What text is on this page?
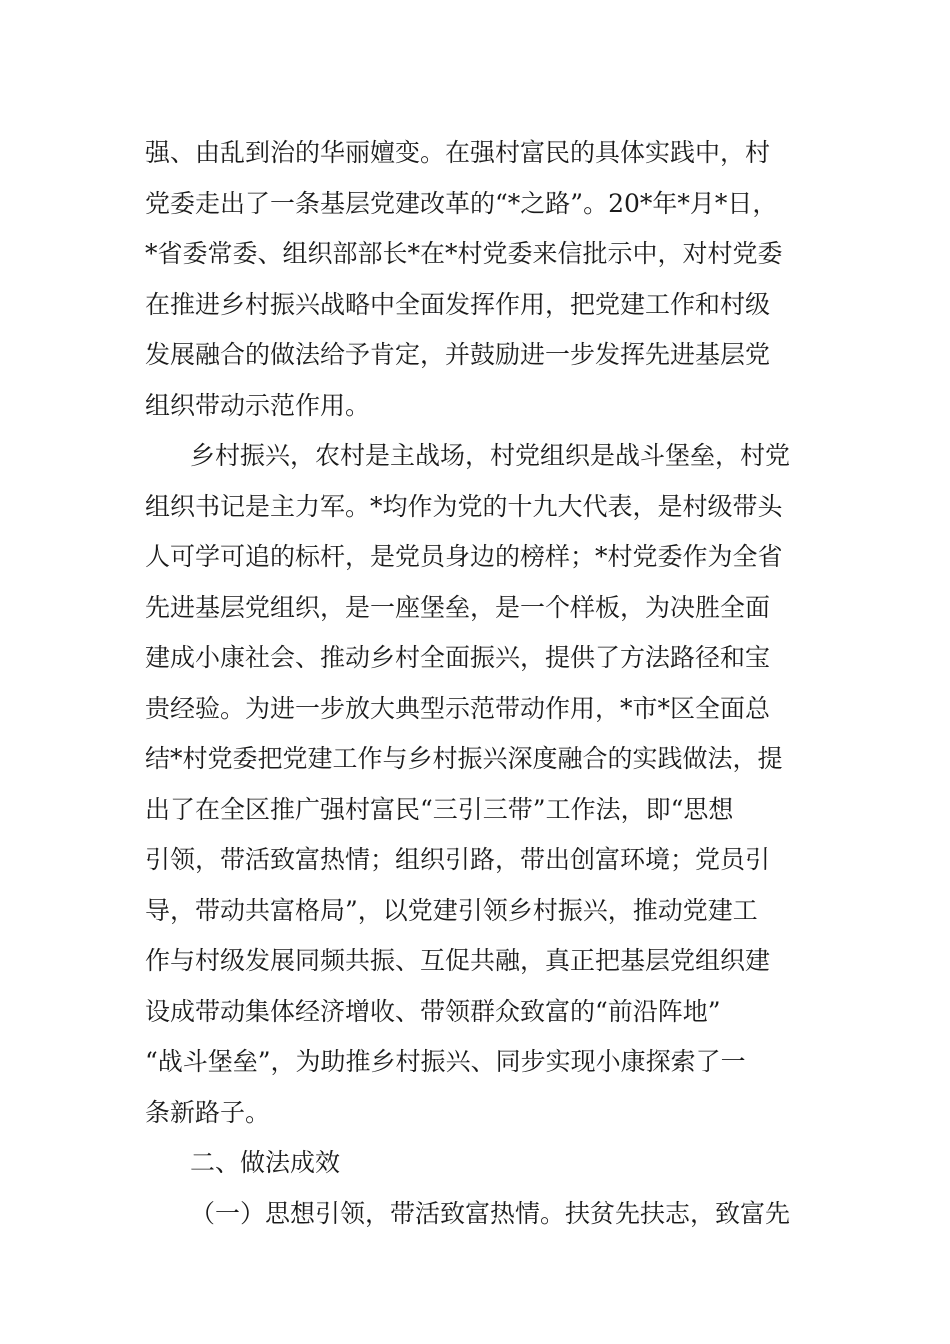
强、由乱到治的华丽嬗变。在强村富民的具体实践中，村
党委走出了一条基层党建改革的“*之路”。20*年*月*日，
*省委常委、组织部部长*在*村党委来信批示中，对村党委
在推进乡村振兴战略中全面发挥作用，把党建工作和村级
发展融合的做法给予肯定，并鼓励进一步发挥先进基层党
组织带动示范作用。
乡村振兴，农村是主战场，村党组织是战斗堡垒，村党
组织书记是主力军。*均作为党的十九大代表，是村级带头
人可学可追的标杆，是党员身边的榜样；*村党委作为全省
先进基层党组织，是一座堡垒，是一个样板，为决胜全面
建成小康社会、推动乡村全面振兴，提供了方法路径和宝
贵经验。为进一步放大典型示范带动作用，*市*区全面总
结*村党委把党建工作与乡村振兴深度融合的实践做法，提
出了在全区推广强村富民“三引三带”工作法，即“思想
引领，带活致富热情；组织引路，带出创富环境；党员引
导，带动共富格局”，以党建引领乡村振兴，推动党建工
作与村级发展同频共振、互促共融，真正把基层党组织建
设成带动集体经济增收、带领群众致富的“前沿阵地”
“战斗堡垒”，为助推乡村振兴、同步实现小康探索了一
条新路子。
二、做法成效
（一）思想引领，带活致富热情。扶贫先扶志，致富先
